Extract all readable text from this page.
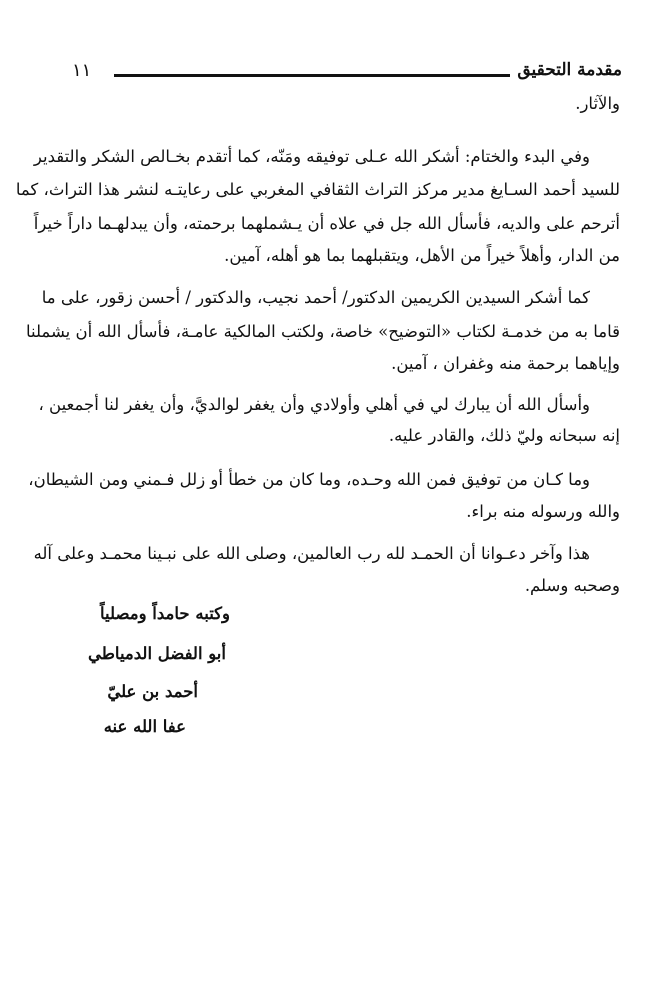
١١	مقدمة التحقيق
والآثار.
وفي البدء والختام: أشكر الله عـلى توفيقه ومَنّه، كما أتقدم بخـالص الشكر والتقدير
للسيد أحمد السـايغ مدير مركز التراث الثقافي المغربي على رعايتـه لنشر هذا التراث، كما
أترحم على والديه، فأسأل الله جل في علاه أن يـشملهما برحمته، وأن يبدلهـما داراً خيراً
من الدار، وأهلاً خيراً من الأهل، ويتقبلهما بما هو أهله، آمين.
كما أشكر السيدين الكريمين الدكتور/ أحمد نجيب، والدكتور / أحسن زقور، على ما
قاما به من خدمـة لكتاب «التوضيح» خاصة، ولكتب المالكية عامـة، فأسأل الله أن يشملنا
وإياهما برحمة منه وغفران ، آمين.
وأسأل الله أن يبارك لي في أهلي وأولادي وأن يغفر لوالديَّ، وأن يغفر لنا أجمعين ،
إنه سبحانه وليّ ذلك، والقادر عليه.
وما كـان من توفيق فمن الله وحـده، وما كان من خطأ أو زلل فـمني ومن الشيطان،
والله ورسوله منه براء.
هذا وآخر دعـوانا أن الحمـد لله رب العالمين، وصلى الله على نبـينا محمـد وعلى آله
وصحبه وسلم.
وكتبه حامداً ومصلياً
أبو الفضل الدمياطي
أحمد بن عليّ
عفا الله عنه
